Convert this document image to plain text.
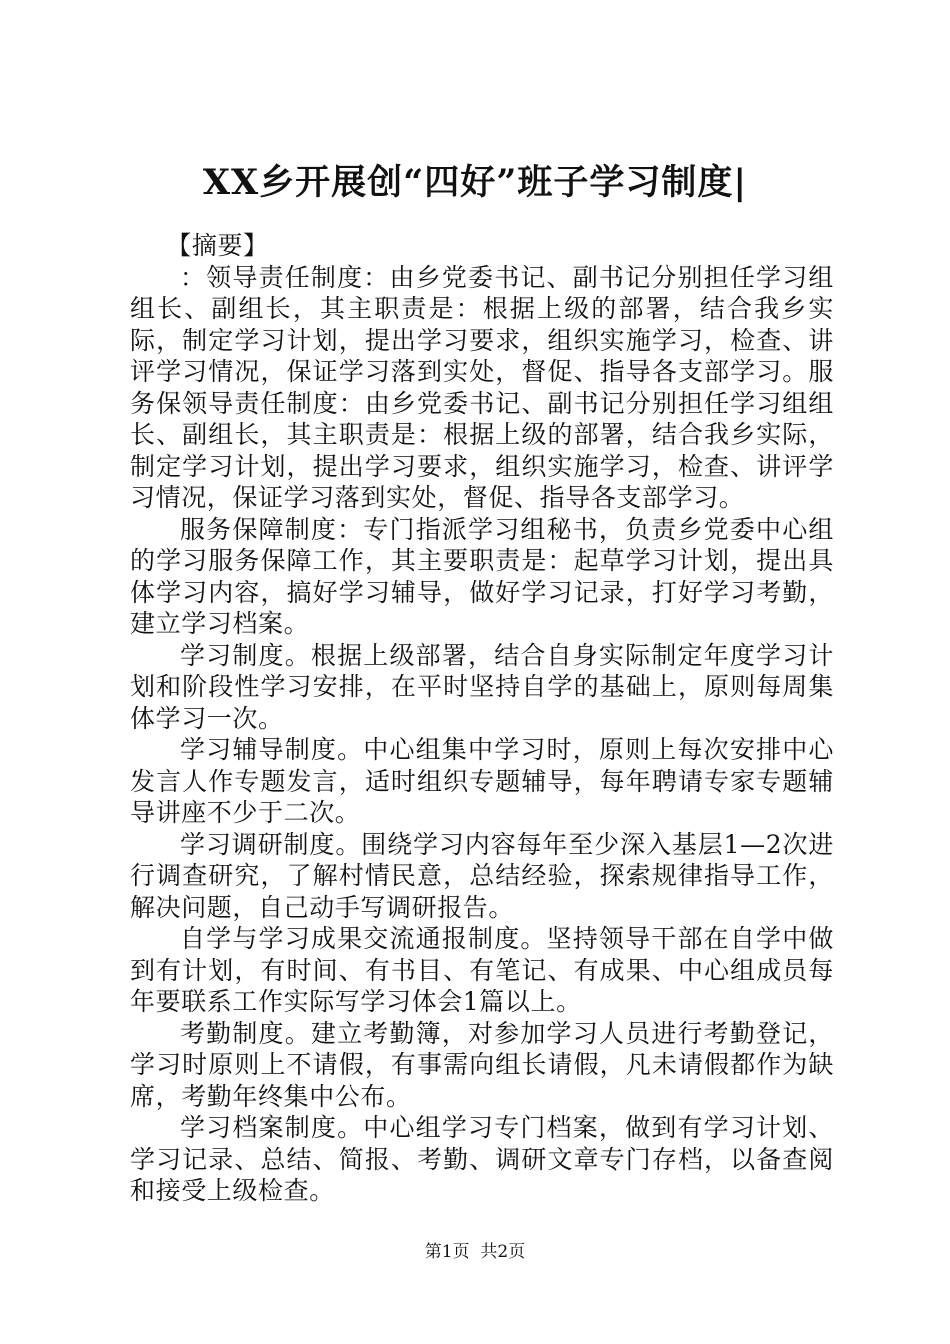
XX乡开展创“四好”班子学习制度|

【摘要】

：领导责任制度：由乡党委书记、副书记分别担任学习组组长、副组长，其主职责是：根据上级的部署，结合我乡实际，制定学习计划，提出学习要求，组织实施学习，检查、讲评学习情况，保证学习落到实处，督促、指导各支部学习。服务保领导责任制度：由乡党委书记、副书记分别担任学习组组长、副组长，其主职责是：根据上级的部署，结合我乡实际，制定学习计划，提出学习要求，组织实施学习，检查、讲评学习情况，保证学习落到实处，督促、指导各支部学习。

服务保障制度：专门指派学习组秘书，负责乡党委中心组的学习服务保障工作，其主要职责是：起草学习计划，提出具体学习内容，搞好学习辅导，做好学习记录，打好学习考勤，建立学习档案。

学习制度。根据上级部署，结合自身实际制定年度学习计划和阶段性学习安排，在平时坚持自学的基础上，原则每周集体学习一次。

学习辅导制度。中心组集中学习时，原则上每次安排中心发言人作专题发言，适时组织专题辅导，每年聘请专家专题辅导讲座不少于二次。

学习调研制度。围绕学习内容每年至少深入基层1—2次进行调查研究，了解村情民意，总结经验，探索规律指导工作，解决问题，自己动手写调研报告。

自学与学习成果交流通报制度。坚持领导干部在自学中做到有计划，有时间、有书目、有笔记、有成果、中心组成员每年要联系工作实际写学习体会1篇以上。

考勤制度。建立考勤簿，对参加学习人员进行考勤登记，学习时原则上不请假，有事需向组长请假，凡未请假都作为缺席，考勤年终集中公布。

学习档案制度。中心组学习专门档案，做到有学习计划、学习记录、总结、简报、考勤、调研文章专门存档，以备查阅和接受上级检查。

第1页  共2页
